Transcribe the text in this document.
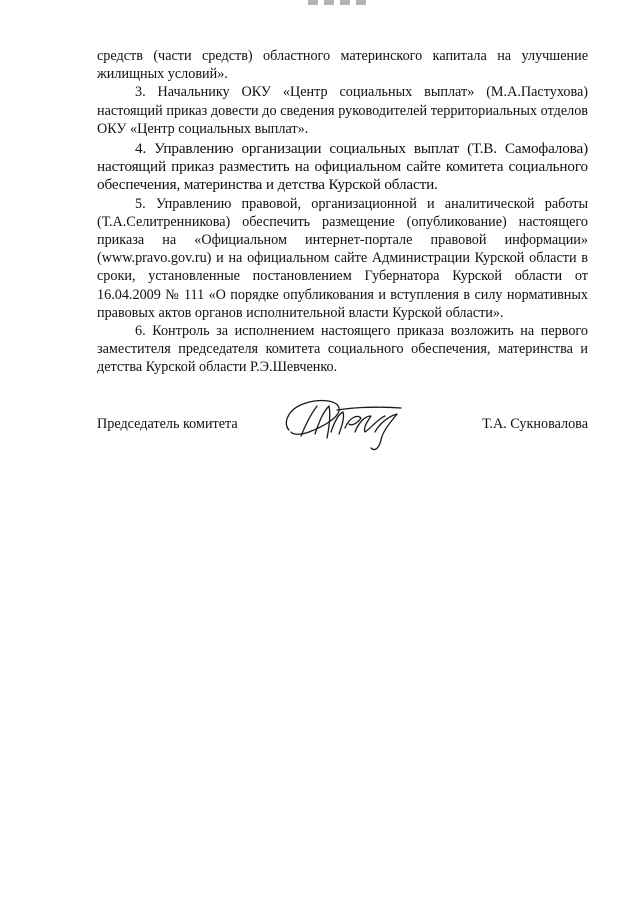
средств (части средств) областного материнского капитала на улучшение жилищных условий».

3. Начальнику ОКУ «Центр социальных выплат» (М.А.Пастухова) настоящий приказ довести до сведения руководителей территориальных отделов ОКУ «Центр социальных выплат».

4. Управлению организации социальных выплат (Т.В. Самофалова) настоящий приказ разместить на официальном сайте комитета социального обеспечения, материнства и детства Курской области.

5. Управлению правовой, организационной и аналитической работы (Т.А.Селитренникова) обеспечить размещение (опубликование) настоящего приказа на «Официальном интернет-портале правовой информации» (www.pravo.gov.ru) и на официальном сайте Администрации Курской области в сроки, установленные постановлением Губернатора Курской области от 16.04.2009 № 111 «О порядке опубликования и вступления в силу нормативных правовых актов органов исполнительной власти Курской области».

6. Контроль за исполнением настоящего приказа возложить на первого заместителя председателя комитета социального обеспечения, материнства и детства Курской области Р.Э.Шевченко.

Председатель комитета	Т.А. Сукновалова
